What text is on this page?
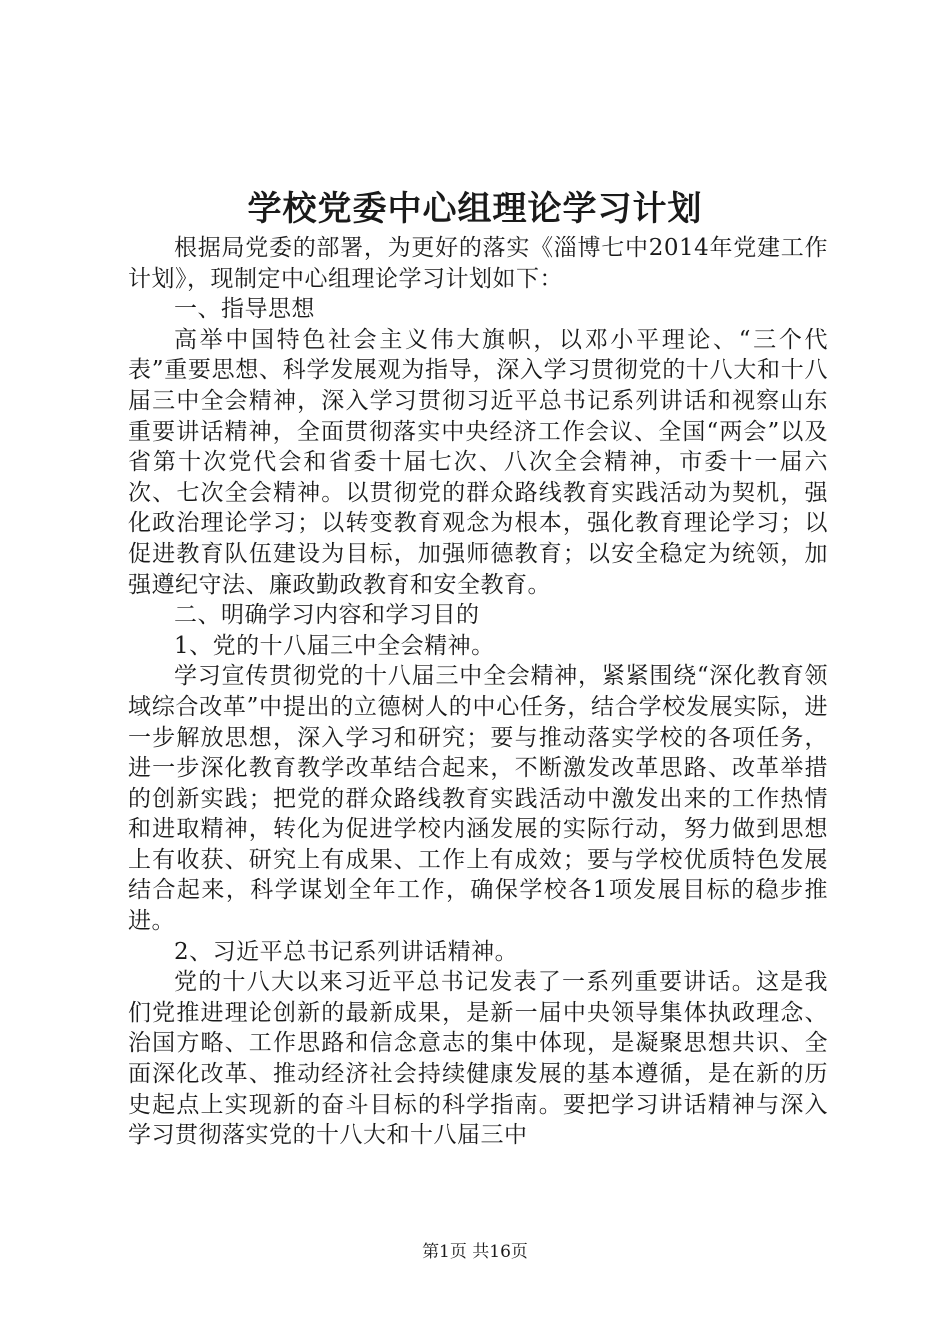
学校党委中心组理论学习计划

根据局党委的部署，为更好的落实《淄博七中2014年党建工作计划》，现制定中心组理论学习计划如下：

一、指导思想

高举中国特色社会主义伟大旗帜，以邓小平理论、“三个代表”重要思想、科学发展观为指导，深入学习贯彻党的十八大和十八届三中全会精神，深入学习贯彻习近平总书记系列讲话和视察山东重要讲话精神，全面贯彻落实中央经济工作会议、全国“两会”以及省第十次党代会和省委十届七次、八次全会精神，市委十一届六次、七次全会精神。以贯彻党的群众路线教育实践活动为契机，强化政治理论学习；以转变教育观念为根本，强化教育理论学习；以促进教育队伍建设为目标，加强师德教育；以安全稳定为统领，加强遵纪守法、廉政勤政教育和安全教育。

二、明确学习内容和学习目的

1、党的十八届三中全会精神。

学习宣传贯彻党的十八届三中全会精神，紧紧围绕“深化教育领域综合改革”中提出的立德树人的中心任务，结合学校发展实际，进一步解放思想，深入学习和研究；要与推动落实学校的各项任务，进一步深化教育教学改革结合起来，不断激发改革思路、改革举措的创新实践；把党的群众路线教育实践活动中激发出来的工作热情和进取精神，转化为促进学校内涵发展的实际行动，努力做到思想上有收获、研究上有成果、工作上有成效；要与学校优质特色发展结合起来，科学谋划全年工作，确保学校各1项发展目标的稳步推进。

2、习近平总书记系列讲话精神。

党的十八大以来习近平总书记发表了一系列重要讲话。这是我们党推进理论创新的最新成果，是新一届中央领导集体执政理念、治国方略、工作思路和信念意志的集中体现，是凝聚思想共识、全面深化改革、推动经济社会持续健康发展的基本遵循，是在新的历史起点上实现新的奋斗目标的科学指南。要把学习讲话精神与深入学习贯彻落实党的十八大和十八届三中

第1页 共16页
